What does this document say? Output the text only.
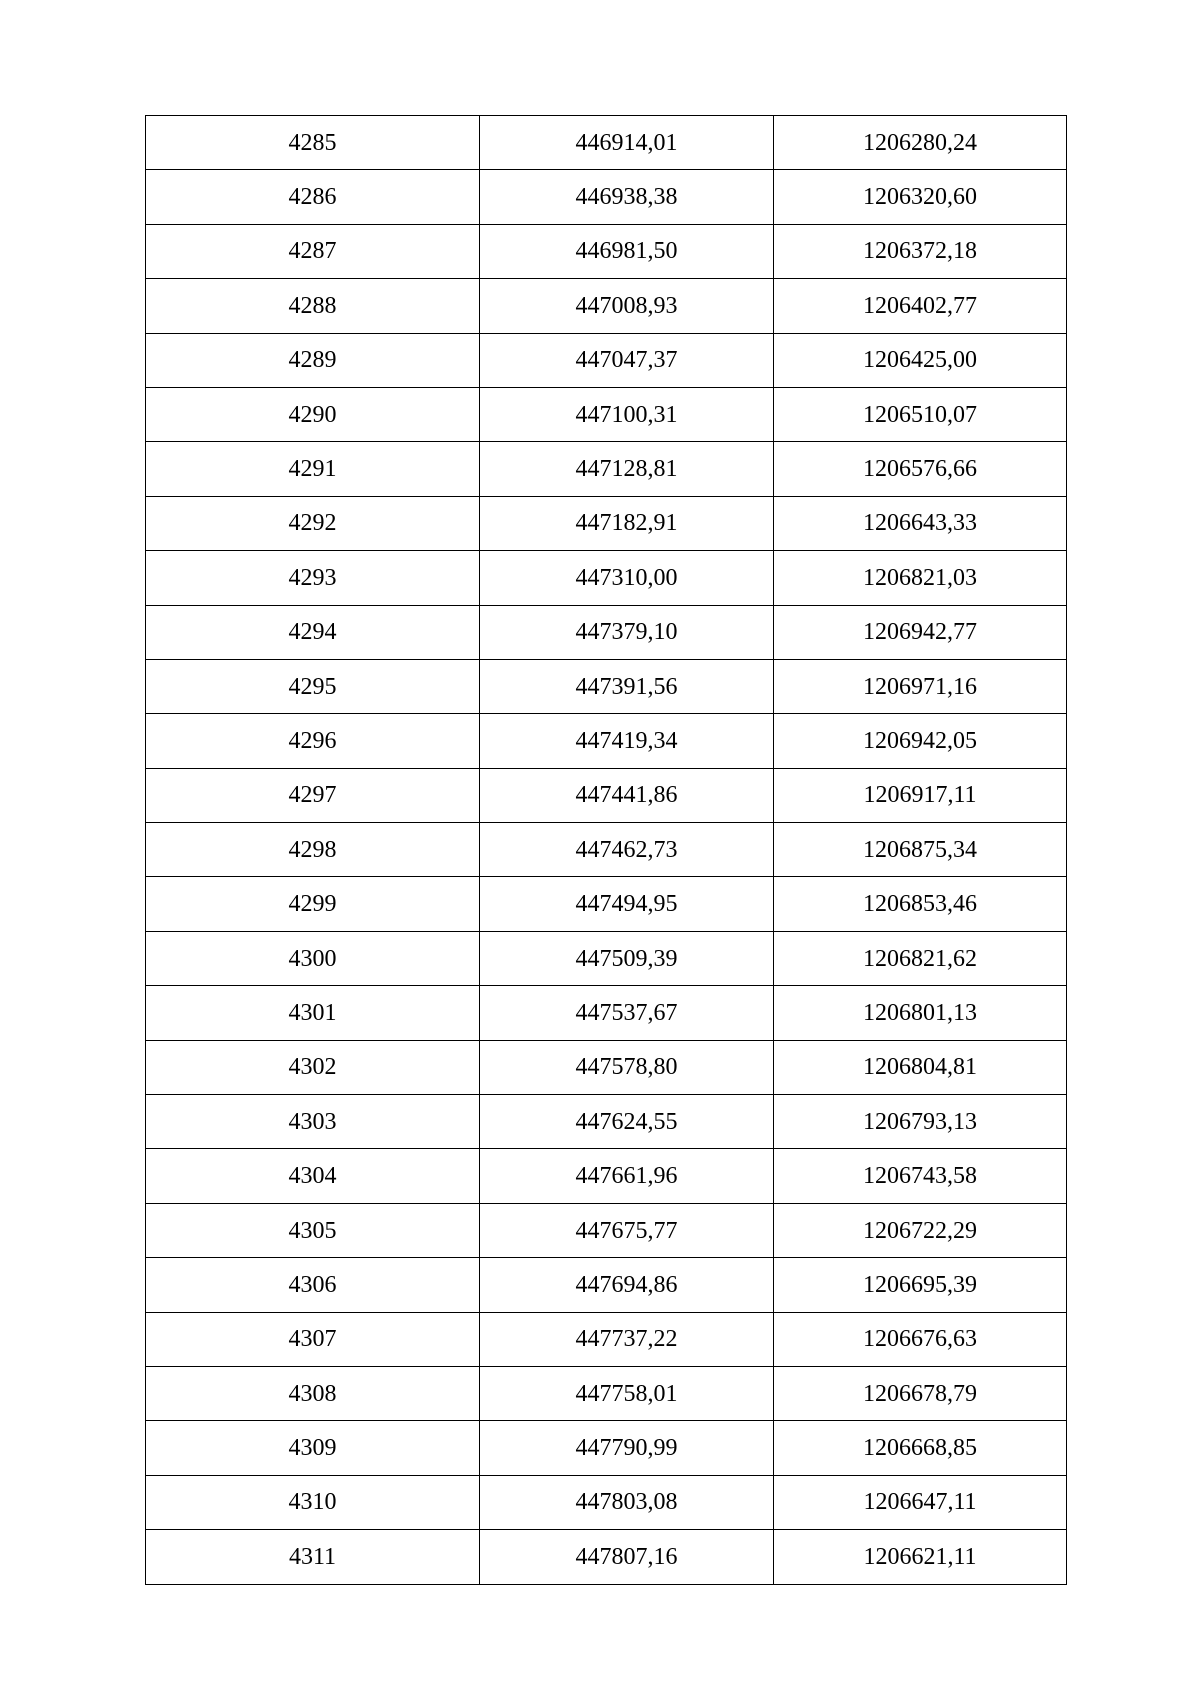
4285	446914,01	1206280,24
4286	446938,38	1206320,60
4287	446981,50	1206372,18
4288	447008,93	1206402,77
4289	447047,37	1206425,00
4290	447100,31	1206510,07
4291	447128,81	1206576,66
4292	447182,91	1206643,33
4293	447310,00	1206821,03
4294	447379,10	1206942,77
4295	447391,56	1206971,16
4296	447419,34	1206942,05
4297	447441,86	1206917,11
4298	447462,73	1206875,34
4299	447494,95	1206853,46
4300	447509,39	1206821,62
4301	447537,67	1206801,13
4302	447578,80	1206804,81
4303	447624,55	1206793,13
4304	447661,96	1206743,58
4305	447675,77	1206722,29
4306	447694,86	1206695,39
4307	447737,22	1206676,63
4308	447758,01	1206678,79
4309	447790,99	1206668,85
4310	447803,08	1206647,11
4311	447807,16	1206621,11
